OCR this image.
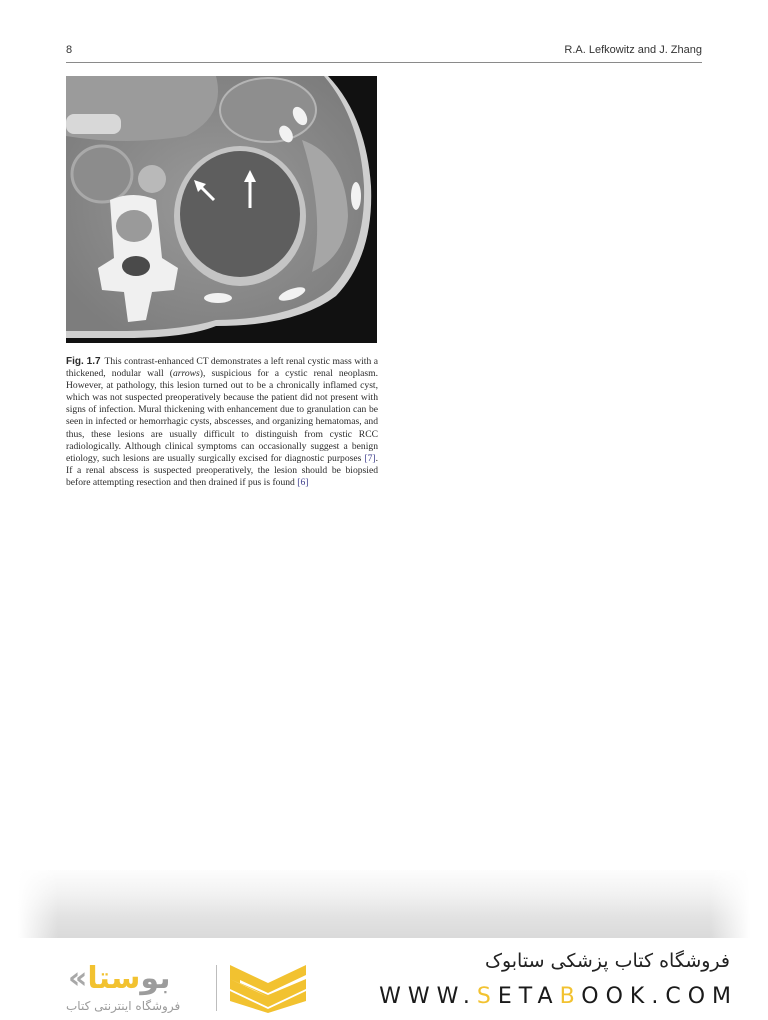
8	R.A. Lefkowitz and J. Zhang
Fig. 1.7 This contrast-enhanced CT demonstrates a left renal cystic mass with a thickened, nodular wall (arrows), suspicious for a cystic renal neoplasm. However, at pathology, this lesion turned out to be a chronically inflamed cyst, which was not suspected preoperatively because the patient did not present with signs of infection. Mural thickening with enhancement due to granulation can be seen in infected or hemorrhagic cysts, abscesses, and organizing hematomas, and thus, these lesions are usually difficult to distinguish from cystic RCC radiologically. Although clinical symptoms can occasionally suggest a benign etiology, such lesions are usually surgically excised for diagnostic purposes [7]. If a renal abscess is suspected preoperatively, the lesion should be biopsied before attempting resection and then drained if pus is found [6]
« بوستا
فروشگاه اینترنتی کتاب
فروشگاه کتاب پزشکی ستابوک
WWW.SETABOOK.COM
